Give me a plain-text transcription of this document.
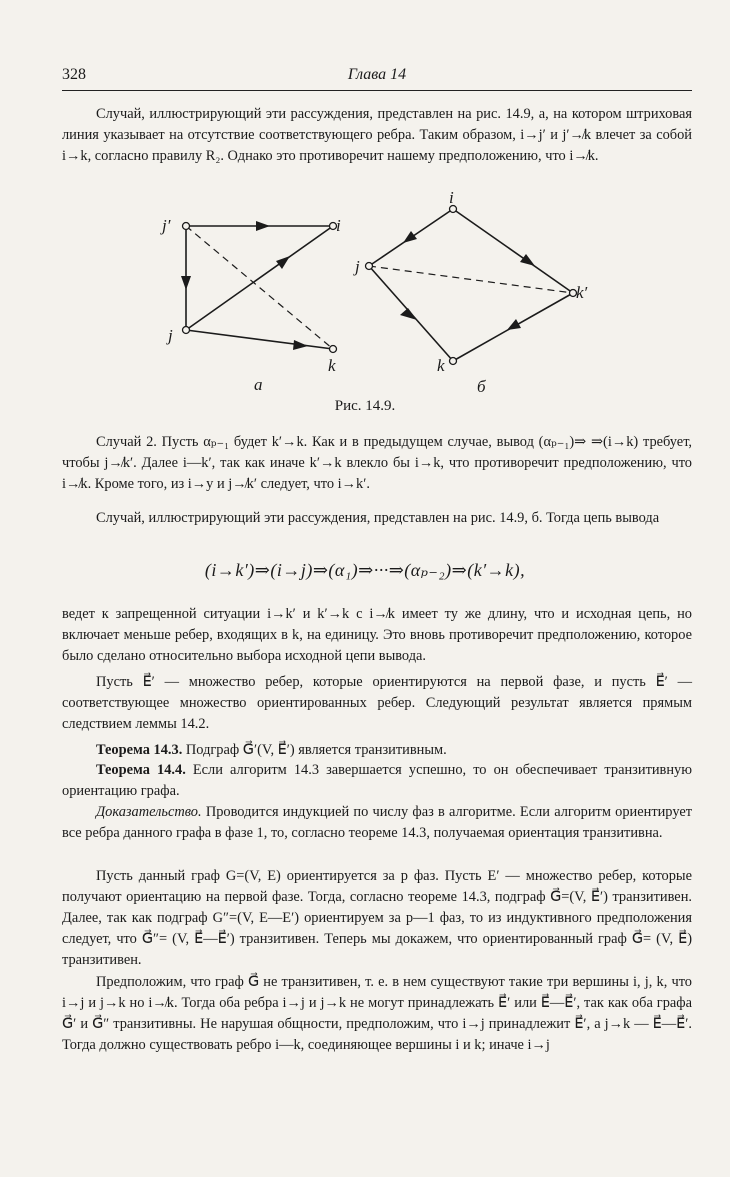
328	Глава 14

Случай, иллюстрирующий эти рассуждения, представлен на рис. 14.9, а, на котором штриховая линия указывает на отсутствие соответствующего ребра. Таким образом, i→j′ и j′↛k влечет за собой i→k, согласно правилу R₂. Однако это противоречит нашему предположению, что i↛k.

j′	i
j
k
а
i
j
k′
k
б
Рис. 14.9.

Случай 2. Пусть αₚ₋₁ будет k′→k. Как и в предыдущем случае, вывод (αₚ₋₁)⇒ ⇒(i→k) требует, чтобы j↛k′. Далее i—k′, так как иначе k′→k влекло бы i→k, что противоречит предположению, что i↛k. Кроме того, из i→y и j↛k′ следует, что i→k′.

Случай, иллюстрирующий эти рассуждения, представлен на рис. 14.9, б. Тогда цепь вывода

(i→k′)⇒(i→j)⇒(α₁)⇒···⇒(αₚ₋₂)⇒(k′→k),

ведет к запрещенной ситуации i→k′ и k′→k с i↛k имеет ту же длину, что и исходная цепь, но включает меньше ребер, входящих в k, на единицу. Это вновь противоречит предположению, которое было сделано относительно выбора исходной цепи вывода.

Пусть E⃗′ — множество ребер, которые ориентируются на первой фазе, и пусть E⃗′ — соответствующее множество ориентированных ребер. Следующий результат является прямым следствием леммы 14.2.

Теорема 14.3. Подграф G⃗′(V, E⃗′) является транзитивным.

Теорема 14.4. Если алгоритм 14.3 завершается успешно, то он обеспечивает транзитивную ориентацию графа.

Доказательство. Проводится индукцией по числу фаз в алгоритме. Если алгоритм ориентирует все ребра данного графа в фазе 1, то, согласно теореме 14.3, получаемая ориентация транзитивна.

Пусть данный граф G=(V, E) ориентируется за p фаз. Пусть E′ — множество ребер, которые получают ориентацию на первой фазе. Тогда, согласно теореме 14.3, подграф G⃗=(V, E⃗′) транзитивен. Далее, так как подграф G″=(V, E—E′) ориентируем за p—1 фаз, то из индуктивного предположения следует, что G⃗″= (V, E⃗—E⃗′) транзитивен. Теперь мы докажем, что ориентированный граф G⃗= (V, E⃗) транзитивен.

Предположим, что граф G⃗ не транзитивен, т. е. в нем существуют такие три вершины i, j, k, что i→j и j→k но i↛k. Тогда оба ребра i→j и j→k не могут принадлежать E⃗′ или E⃗—E⃗′, так как оба графа G⃗′ и G⃗″ транзитивны. Не нарушая общности, предположим, что i→j принадлежит E⃗′, а j→k — E⃗—E⃗′. Тогда должно существовать ребро i—k, соединяющее вершины i и k; иначе i→j
